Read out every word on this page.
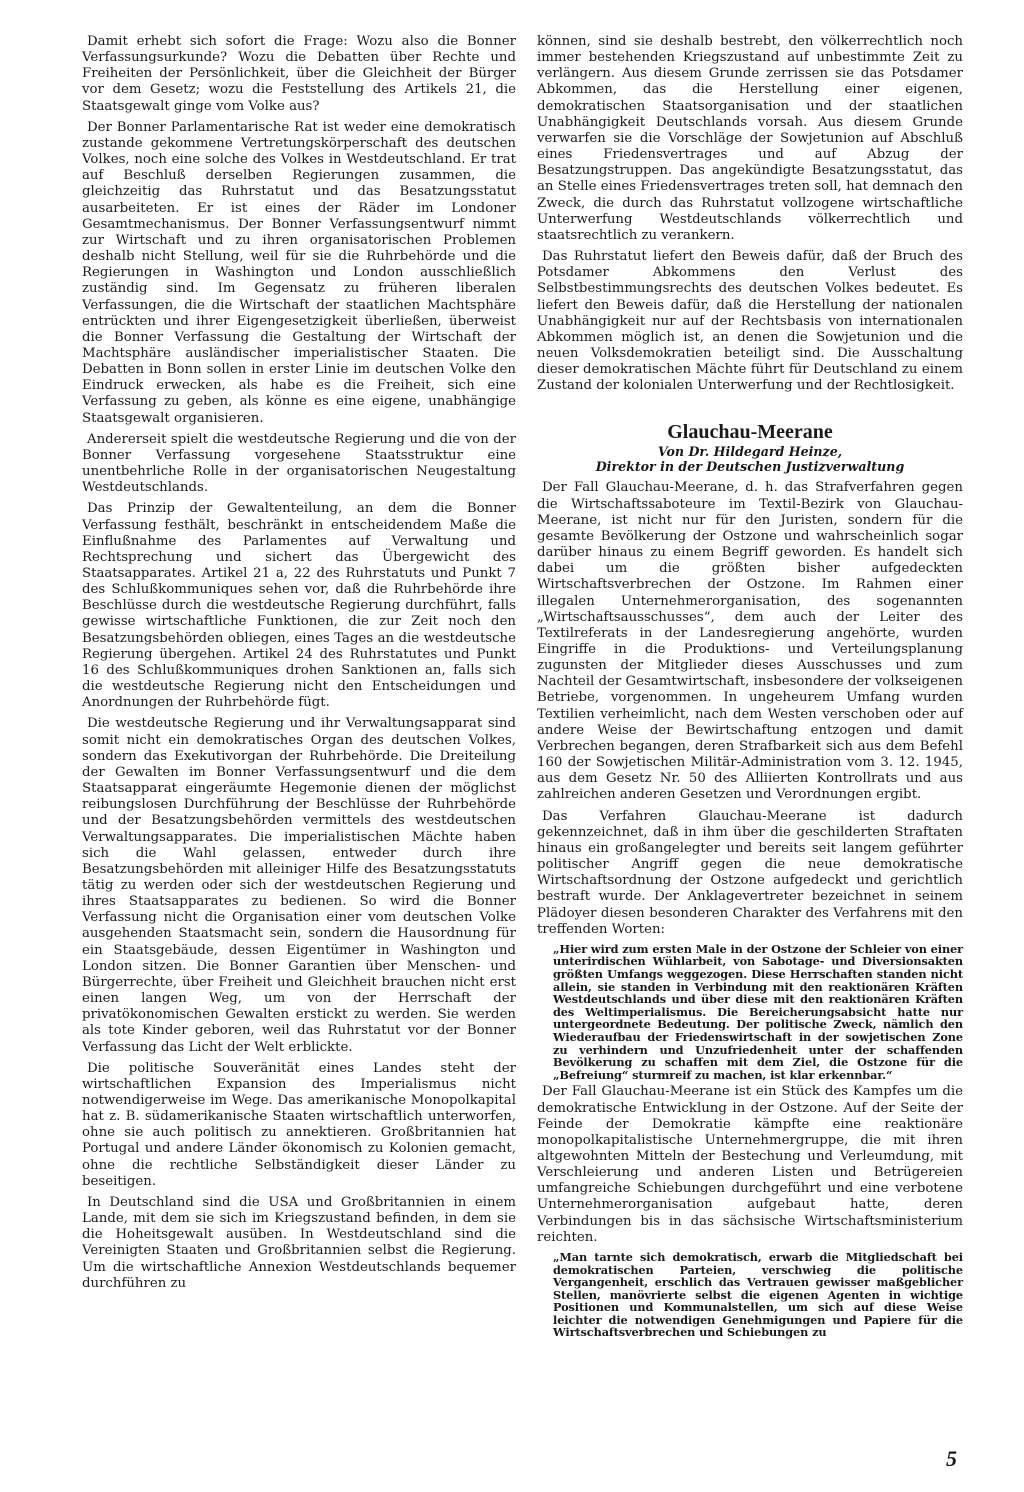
Damit erhebt sich sofort die Frage: Wozu also die Bonner Verfassungsurkunde? Wozu die Debatten über Rechte und Freiheiten der Persönlichkeit, über die Gleichheit der Bürger vor dem Gesetz; wozu die Feststellung des Artikels 21, die Staatsgewalt ginge vom Volke aus?

Der Bonner Parlamentarische Rat ist weder eine demokratisch zustande gekommene Vertretungskörperschaft des deutschen Volkes, noch eine solche des Volkes in Westdeutschland. Er trat auf Beschluß derselben Regierungen zusammen, die gleichzeitig das Ruhrstatut und das Besatzungsstatut ausarbeiteten. Er ist eines der Räder im Londoner Gesamtmechanismus. Der Bonner Verfassungsentwurf nimmt zur Wirtschaft und zu ihren organisatorischen Problemen deshalb nicht Stellung, weil für sie die Ruhrbehörde und die Regierungen in Washington und London ausschließlich zuständig sind. Im Gegensatz zu früheren liberalen Verfassungen, die die Wirtschaft der staatlichen Machtsphäre entrückten und ihrer Eigengesetzigkeit überließen, überweist die Bonner Verfassung die Gestaltung der Wirtschaft der Machtsphäre ausländischer imperialistischer Staaten. Die Debatten in Bonn sollen in erster Linie im deutschen Volke den Eindruck erwecken, als habe es die Freiheit, sich eine Verfassung zu geben, als könne es eine eigene, unabhängige Staatsgewalt organisieren.

Andererseit spielt die westdeutsche Regierung und die von der Bonner Verfassung vorgesehene Staatsstruktur eine unentbehrliche Rolle in der organisatorischen Neugestaltung Westdeutschlands.

Das Prinzip der Gewaltenteilung, an dem die Bonner Verfassung festhält, beschränkt in entscheidendem Maße die Einflußnahme des Parlamentes auf Verwaltung und Rechtsprechung und sichert das Übergewicht des Staatsapparates. Artikel 21 a, 22 des Ruhrstatuts und Punkt 7 des Schlußkommuniques sehen vor, daß die Ruhrbehörde ihre Beschlüsse durch die westdeutsche Regierung durchführt, falls gewisse wirtschaftliche Funktionen, die zur Zeit noch den Besatzungsbehörden obliegen, eines Tages an die westdeutsche Regierung übergehen. Artikel 24 des Ruhrstatutes und Punkt 16 des Schlußkommuniques drohen Sanktionen an, falls sich die westdeutsche Regierung nicht den Entscheidungen und Anordnungen der Ruhrbehörde fügt.

Die westdeutsche Regierung und ihr Verwaltungsapparat sind somit nicht ein demokratisches Organ des deutschen Volkes, sondern das Exekutivorgan der Ruhrbehörde. Die Dreiteilung der Gewalten im Bonner Verfassungsentwurf und die dem Staatsapparat eingeräumte Hegemonie dienen der möglichst reibungslosen Durchführung der Beschlüsse der Ruhrbehörde und der Besatzungsbehörden vermittels des westdeutschen Verwaltungsapparates. Die imperialistischen Mächte haben sich die Wahl gelassen, entweder durch ihre Besatzungsbehörden mit alleiniger Hilfe des Besatzungsstatuts tätig zu werden oder sich der westdeutschen Regierung und ihres Staatsapparates zu bedienen. So wird die Bonner Verfassung nicht die Organisation einer vom deutschen Volke ausgehenden Staatsmacht sein, sondern die Hausordnung für ein Staatsgebäude, dessen Eigentümer in Washington und London sitzen. Die Bonner Garantien über Menschen- und Bürgerrechte, über Freiheit und Gleichheit brauchen nicht erst einen langen Weg, um von der Herrschaft der privatökonomischen Gewalten erstickt zu werden. Sie werden als tote Kinder geboren, weil das Ruhrstatut vor der Bonner Verfassung das Licht der Welt erblickte.

Die politische Souveränität eines Landes steht der wirtschaftlichen Expansion des Imperialismus nicht notwendigerweise im Wege. Das amerikanische Monopolkapital hat z. B. südamerikanische Staaten wirtschaftlich unterworfen, ohne sie auch politisch zu annektieren. Großbritannien hat Portugal und andere Länder ökonomisch zu Kolonien gemacht, ohne die rechtliche Selbständigkeit dieser Länder zu beseitigen.

In Deutschland sind die USA und Großbritannien in einem Lande, mit dem sie sich im Kriegszustand befinden, in dem sie die Hoheitsgewalt ausüben. In Westdeutschland sind die Vereinigten Staaten und Großbritannien selbst die Regierung. Um die wirtschaftliche Annexion Westdeutschlands bequemer durchführen zu

können, sind sie deshalb bestrebt, den völkerrechtlich noch immer bestehenden Kriegszustand auf unbestimmte Zeit zu verlängern. Aus diesem Grunde zerrissen sie das Potsdamer Abkommen, das die Herstellung einer eigenen, demokratischen Staatsorganisation und der staatlichen Unabhängigkeit Deutschlands vorsah. Aus diesem Grunde verwarfen sie die Vorschläge der Sowjetunion auf Abschluß eines Friedensvertrages und auf Abzug der Besatzungstruppen. Das angekündigte Besatzungsstatut, das an Stelle eines Friedensvertrages treten soll, hat demnach den Zweck, die durch das Ruhrstatut vollzogene wirtschaftliche Unterwerfung Westdeutschlands völkerrechtlich und staatsrechtlich zu verankern.

Das Ruhrstatut liefert den Beweis dafür, daß der Bruch des Potsdamer Abkommens den Verlust des Selbstbestimmungsrechts des deutschen Volkes bedeutet. Es liefert den Beweis dafür, daß die Herstellung der nationalen Unabhängigkeit nur auf der Rechtsbasis von internationalen Abkommen möglich ist, an denen die Sowjetunion und die neuen Volksdemokratien beteiligt sind. Die Ausschaltung dieser demokratischen Mächte führt für Deutschland zu einem Zustand der kolonialen Unterwerfung und der Rechtlosigkeit.

Glauchau-Meerane

Von Dr. Hildegard Heinze,

Direktor in der Deutschen Justizverwaltung

Der Fall Glauchau-Meerane, d. h. das Strafverfahren gegen die Wirtschaftssaboteure im Textil-Bezirk von Glauchau-Meerane, ist nicht nur für den Juristen, sondern für die gesamte Bevölkerung der Ostzone und wahrscheinlich sogar darüber hinaus zu einem Begriff geworden. Es handelt sich dabei um die größten bisher aufgedeckten Wirtschaftsverbrechen der Ostzone. Im Rahmen einer illegalen Unternehmerorganisation, des sogenannten „Wirtschaftsausschusses“, dem auch der Leiter des Textilreferats in der Landesregierung angehörte, wurden Eingriffe in die Produktions- und Verteilungsplanung zugunsten der Mitglieder dieses Ausschusses und zum Nachteil der Gesamtwirtschaft, insbesondere der volkseigenen Betriebe, vorgenommen. In ungeheurem Umfang wurden Textilien verheimlicht, nach dem Westen verschoben oder auf andere Weise der Bewirtschaftung entzogen und damit Verbrechen begangen, deren Strafbarkeit sich aus dem Befehl 160 der Sowjetischen Militär-Administration vom 3. 12. 1945, aus dem Gesetz Nr. 50 des Alliierten Kontrollrats und aus zahlreichen anderen Gesetzen und Verordnungen ergibt.

Das Verfahren Glauchau-Meerane ist dadurch gekennzeichnet, daß in ihm über die geschilderten Straftaten hinaus ein großangelegter und bereits seit langem geführter politischer Angriff gegen die neue demokratische Wirtschaftsordnung der Ostzone aufgedeckt und gerichtlich bestraft wurde. Der Anklagevertreter bezeichnet in seinem Plädoyer diesen besonderen Charakter des Verfahrens mit den treffenden Worten:

„Hier wird zum ersten Male in der Ostzone der Schleier von einer unterirdischen Wühlarbeit, von Sabotage- und Diversionsakten größten Umfangs weggezogen. Diese Herrschaften standen nicht allein, sie standen in Verbindung mit den reaktionären Kräften Westdeutschlands und über diese mit den reaktionären Kräften des Weltimperialismus. Die Bereicherungsabsicht hatte nur untergeordnete Bedeutung. Der politische Zweck, nämlich den Wiederaufbau der Friedenswirtschaft in der sowjetischen Zone zu verhindern und Unzufriedenheit unter der schaffenden Bevölkerung zu schaffen mit dem Ziel, die Ostzone für die „Befreiung“ sturmreif zu machen, ist klar erkennbar.“

Der Fall Glauchau-Meerane ist ein Stück des Kampfes um die demokratische Entwicklung in der Ostzone. Auf der Seite der Feinde der Demokratie kämpfte eine reaktionäre monopolkapitalistische Unternehmergruppe, die mit ihren altgewohnten Mitteln der Bestechung und Verleumdung, mit Verschleierung und anderen Listen und Betrügereien umfangreiche Schiebungen durchgeführt und eine verbotene Unternehmerorganisation aufgebaut hatte, deren Verbindungen bis in das sächsische Wirtschaftsministerium reichten.

„Man tarnte sich demokratisch, erwarb die Mitgliedschaft bei demokratischen Parteien, verschwieg die politische Vergangenheit, erschlich das Vertrauen gewisser maßgeblicher Stellen, manövrierte selbst die eigenen Agenten in wichtige Positionen und Kommunalstellen, um sich auf diese Weise leichter die notwendigen Genehmigungen und Papiere für die Wirtschaftsverbrechen und Schiebungen zu

5
